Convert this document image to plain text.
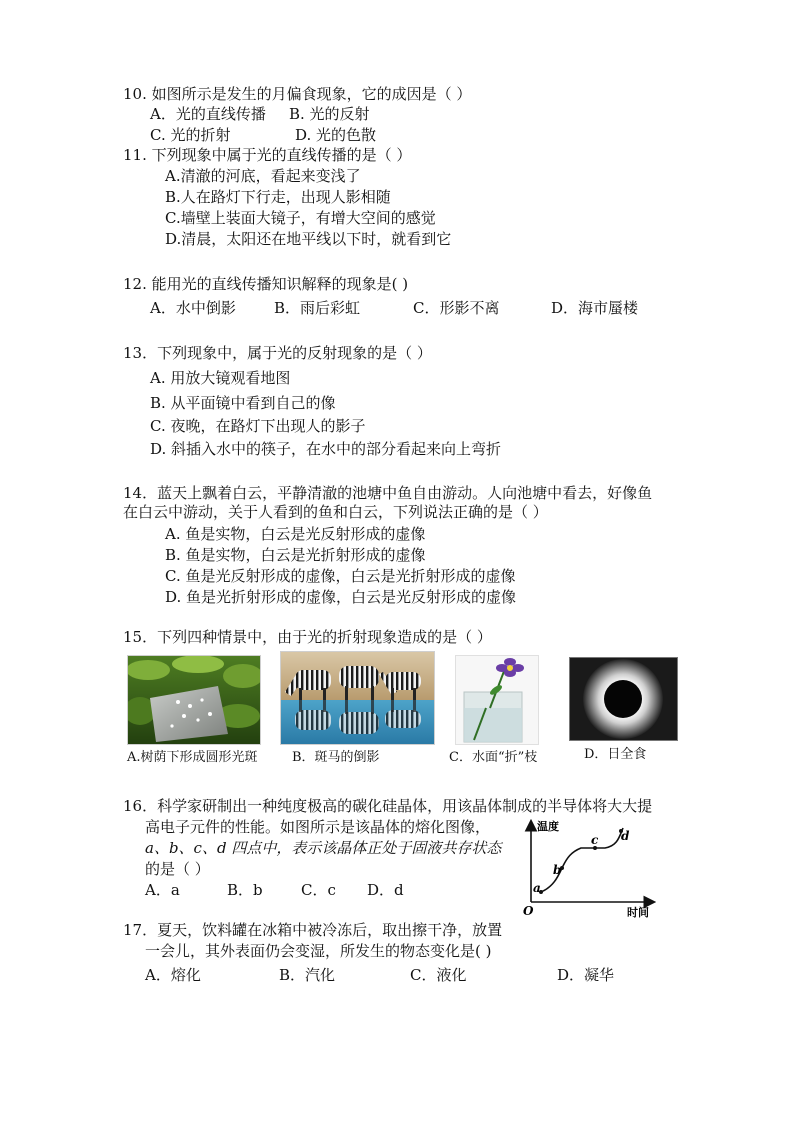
10. 如图所示是发生的月偏食现象，它的成因是（ ）
A．光的直线传播 B. 光的反射
C. 光的折射	D. 光的色散
11. 下列现象中属于光的直线传播的是（ ）
A.清澈的河底，看起来变浅了
B.人在路灯下行走，出现人影相随
C.墙壁上装面大镜子，有增大空间的感觉
D.清晨，太阳还在地平线以下时，就看到它
12. 能用光的直线传播知识解释的现象是( )
A．水中倒影	B．雨后彩虹	C．形影不离	D．海市蜃楼
13．下列现象中，属于光的反射现象的是（ ）
A. 用放大镜观看地图
B. 从平面镜中看到自己的像
C. 夜晚，在路灯下出现人的影子
D. 斜插入水中的筷子，在水中的部分看起来向上弯折
14．蓝天上飘着白云，平静清澈的池塘中鱼自由游动。人向池塘中看去，好像鱼
在白云中游动，关于人看到的鱼和白云，下列说法正确的是（ ）
A. 鱼是实物，白云是光反射形成的虚像
B. 鱼是实物，白云是光折射形成的虚像
C. 鱼是光反射形成的虚像，白云是光折射形成的虚像
D. 鱼是光折射形成的虚像，白云是光反射形成的虚像
15．下列四种情景中，由于光的折射现象造成的是（ ）
A.树荫下形成圆形光斑	B．斑马的倒影	C．水面“折”枝	D．日全食
16．科学家研制出一种纯度极高的碳化硅晶体，用该晶体制成的半导体将大大提
高电子元件的性能。如图所示是该晶体的熔化图像，
a、b、c、d 四点中，表示该晶体正处于固液共存状态
的是（ ）
A．a	B．b	C．c D．d
温度
时间
O
a
b
c d
17．夏天，饮料罐在冰箱中被冷冻后，取出擦干净，放置
一会儿，其外表面仍会变湿，所发生的物态变化是( )
A．熔化	B．汽化	C．液化	D．凝华
